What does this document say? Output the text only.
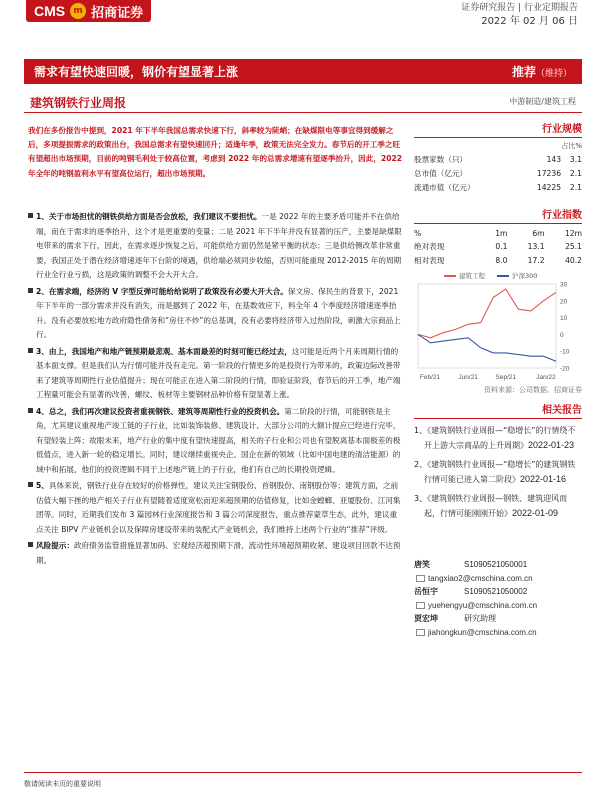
CMS m 招商证券	证券研究报告 | 行业定期报告
2022 年 02 月 06 日
需求有望快速回暖，钢价有望显著上涨	推荐（维持）
建筑钢铁行业周报	中游制造/建筑工程
我们在多份报告中提到，2021 年下半年我国总需求快速下行，斜率较为陡峭；在缺煤限电等事宜得到缓解之后，多项提振需求的政策出台，我国总需求有望快速回升；适逢年季，政策无法完全发力。春节后的开工季之旺有望超出市场预期，目前的吨钢毛利处于较高位置，考虑到 2022 年的总需求增速有望逐季抬升，因此，2022 年全年的吨钢盈利水平有望高位运行，超出市场预期。
1、关于市场担忧的钢铁供给方面是否会放松，我们建议不要担忧。一是 2022 年的主要矛盾可能并不在供给端，而在于需求的逐季抬升，这个才是更重要的变量；二是 2021 年下半年并没有显著的压产，主要是缺煤限电带来的需求下行，因此，在需求逐步恢复之后，可能供给方面仍然是紧平衡的状态；三是供给侧改革非常重要，我国正处于潜在经济增速逐年下台阶的境遇，供给端必须同步收缩，否则可能重现 2012-2015 年的周期行业全行业亏损，这是政策的调整不会大开大合。
2、在需求端，经济的 V 字型反弹可能给给说明了政策没有必要大开大合。保文房、保民生的背景下，2021 年下半年的一部分需求并没有消失，而是挪到了 2022 年，在基数效应下，料全年 4 个季度经济增速逐季抬升。没有必要放松地方政府隐性债务和“房住不炒”的总基调，没有必要将经济带入过热阶段，刺激大宗商品上行。
3、由上，我国地产和地产链预期最悲观、基本面最差的时刻可能已经过去，这可能是近两个月来周期行情的基本面支撑。但是我们认为行情可能并没有走完。第一阶段的行情更多的是投资行为带来的，政策边际改善带来了建筑等周期性行业估值提升；现在可能正在进入第二阶段的行情，即验证阶段，春节后的开工季，地产端工程量可能会有显著的改善，螺纹、板材等主要钢材品种价格有望显著上涨。
4、总之，我们再次建议投资者重视钢铁、建筑等周期性行业的投资机会。第二阶段的行情，可能钢铁是主角，尤其建议重视地产竣工链的子行业，比如装饰装修、建筑设计、大部分公司的大额计提应已经进行完毕，有望轻装上阵；故眼未来，地产行业的集中度有望快速提高，相关的子行业和公司也有望脱离基本面极差的极低值点，进入新一轮的稳定增长。同时，建议继续重视央企、国企在新的领域（比如中国电建的清洁能源）的域中和拓展，他们的投资逻辑不同于上述地产链上的子行业，他们有自己的长期投资逻辑。
5、具体来说，钢铁行业存在较好的价格弹性，建议关注宝钢股份、首钢股份、南钢股份等；建筑方面，之前估值大幅下挫的地产相关子行业有望随着适度宽松而迎来超预期的估值修复，比如金螳螂、亚厦股份、江河集团等。同时，近期我们发布 3 篇园林行业深度报告和 3 篇公司深度报告，重点推荐蒙草生态，此外，建议重点关注 BIPV 产业链机会以及保障房建设带来的装配式产业链机会，我们维持上述两个行业的“推荐”评级。
风险提示：政府债务监管措施显著加码、宏观经济超预期下滑、流动性环境超预期收紧、建设项目回款不达预期。
行业规模
占比%
股票家数（只）	143	3.1
总市值（亿元）	17236	2.1
流通市值（亿元）	14225	2.1
行业指数
%	1m	6m	12m
绝对表现	0.1	13.1	25.1
相对表现	8.0	17.2	40.2
建筑工程	沪深300
30
20
10
0
-10
-20
Feb/21	Jun/21	Sep/21	Jan/22
资料来源：公司数据、招商证券
相关报告
1、《建筑钢铁行业周报—“稳增长”的行情绕不开上游大宗商品的上升周期》2022-01-23
2、《建筑钢铁行业周报—“稳增长”的建筑钢铁行情可能已进入第二阶段》2022-01-16
3、《建筑钢铁行业周报—钢铁、建筑迎风而起，行情可能刚刚开始》2022-01-09
唐笑	S1090521050001
tangxiao2@cmschina.com.cn
岳恒宇	S1090521050002
yuehengyu@cmschina.com.cn
贾宏坤	研究助理
jiahongkun@cmschina.com.cn
敬请阅读末页的重要说明
